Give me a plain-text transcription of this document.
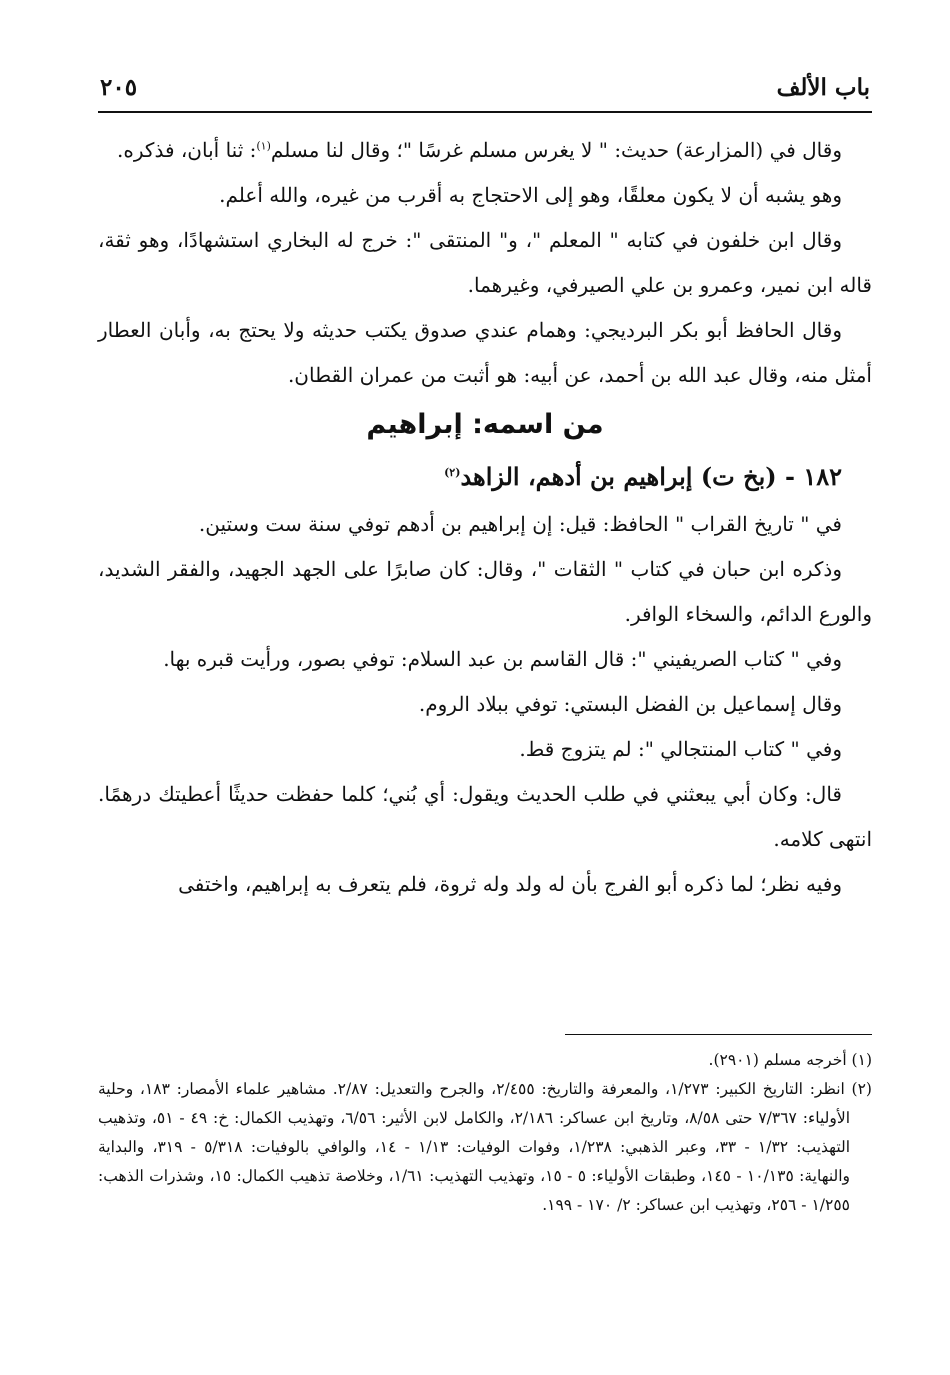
باب الألف
٢٠٥

وقال في (المزارعة) حديث: " لا يغرس مسلم غرسًا "؛ وقال لنا مسلم$^{(١)}$: ثنا أبان، فذكره.

وهو يشبه أن لا يكون معلقًا، وهو إلى الاحتجاج به أقرب من غيره، والله أعلم.

وقال ابن خلفون في كتابه " المعلم "، و" المنتقى ": خرج له البخاري استشهادًا، وهو ثقة، قاله ابن نمير، وعمرو بن علي الصيرفي، وغيرهما.

وقال الحافظ أبو بكر البرديجي: وهمام عندي صدوق يكتب حديثه ولا يحتج به، وأبان العطار أمثل منه، وقال عبد الله بن أحمد، عن أبيه: هو أثبت من عمران القطان.

من اسمه: إبراهيم

١٨٢ - (بخ ت) إبراهيم بن أدهم، الزاهد$^{(٢)}$

في " تاريخ القراب " الحافظ: قيل: إن إبراهيم بن أدهم توفي سنة ست وستين.

وذكره ابن حبان في كتاب " الثقات "، وقال: كان صابرًا على الجهد الجهيد، والفقر الشديد، والورع الدائم، والسخاء الوافر.

وفي " كتاب الصريفيني ": قال القاسم بن عبد السلام: توفي بصور، ورأيت قبره بها.

وقال إسماعيل بن الفضل البستي: توفي ببلاد الروم.

وفي " كتاب المنتجالي ": لم يتزوج قط.

قال: وكان أبي يبعثني في طلب الحديث ويقول: أي بُني؛ كلما حفظت حديثًا أعطيتك درهمًا. انتهى كلامه.

وفيه نظر؛ لما ذكره أبو الفرج بأن له ولد وله ثروة، فلم يتعرف به إبراهيم، واختفى

(١) أخرجه مسلم (٢٩٠١).

(٢) انظر: التاريخ الكبير: ١/٢٧٣، والمعرفة والتاريخ: ٢/٤٥٥، والجرح والتعديل: ٢/٨٧. مشاهير علماء الأمصار: ١٨٣، وحلية الأولياء: ٧/٣٦٧ حتى ٨/٥٨، وتاريخ ابن عساكر: ٢/١٨٦، والكامل لابن الأثير: ٦/٥٦، وتهذيب الكمال: خ: ٤٩ - ٥١، وتذهيب التهذيب: ١/٣٢ - ٣٣، وعبر الذهبي: ١/٢٣٨، وفوات الوفيات: ١/١٣ - ١٤، والوافي بالوفيات: ٥/٣١٨ - ٣١٩، والبداية والنهاية: ١٠/١٣٥ - ١٤٥، وطبقات الأولياء: ٥ - ١٥، وتهذيب التهذيب: ١/٦١، وخلاصة تذهيب الكمال: ١٥، وشذرات الذهب: ١/٢٥٥ - ٢٥٦، وتهذيب ابن عساكر: ٢/ ١٧٠ - ١٩٩.
